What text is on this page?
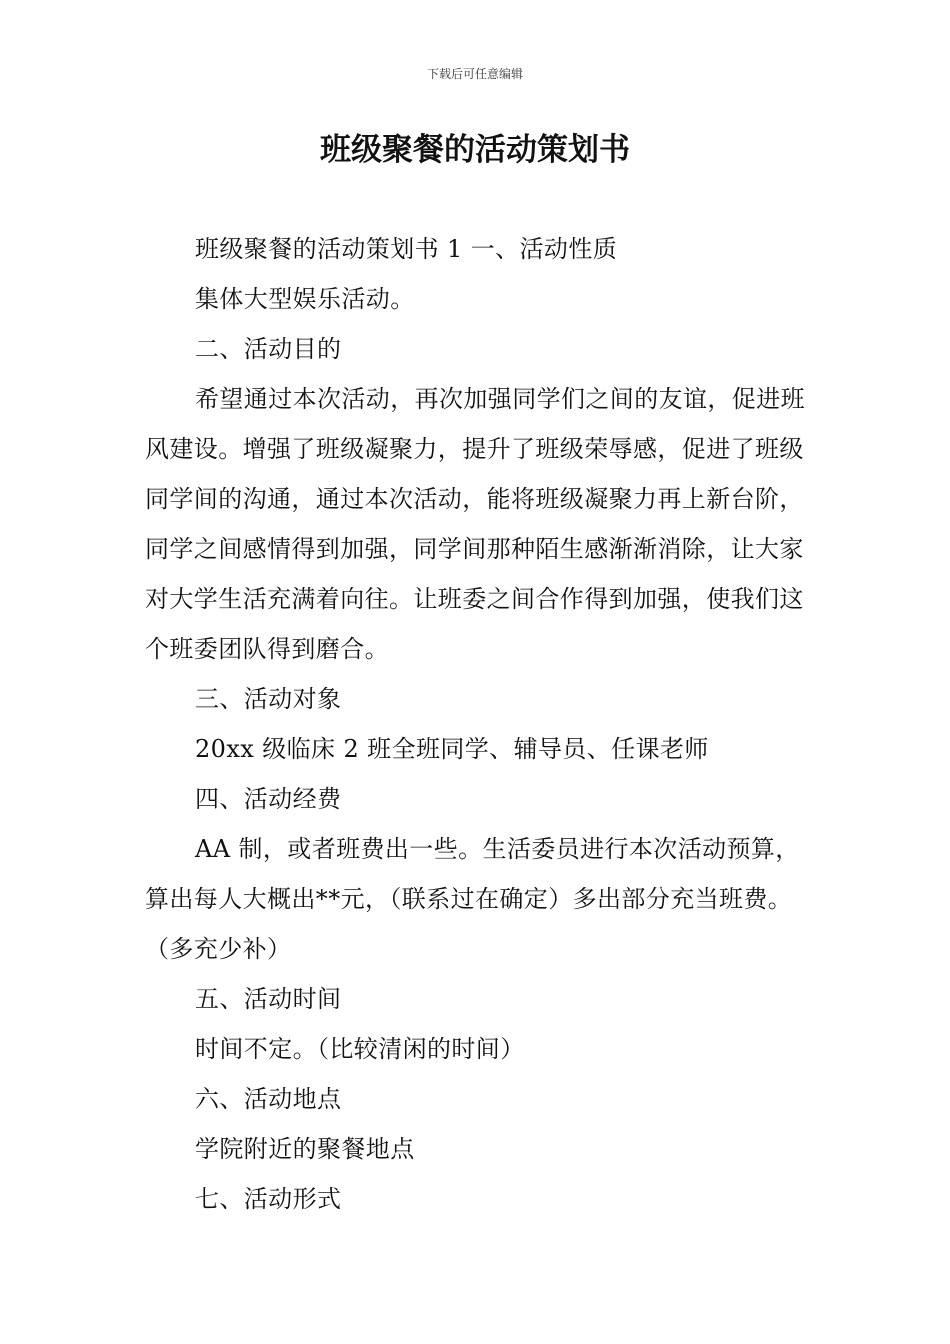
下载后可任意编辑
班级聚餐的活动策划书

班级聚餐的活动策划书 1 一、活动性质

集体大型娱乐活动。

二、活动目的

希望通过本次活动，再次加强同学们之间的友谊，促进班风建设。增强了班级凝聚力，提升了班级荣辱感，促进了班级同学间的沟通，通过本次活动，能将班级凝聚力再上新台阶，同学之间感情得到加强，同学间那种陌生感渐渐消除，让大家对大学生活充满着向往。让班委之间合作得到加强，使我们这个班委团队得到磨合。

三、活动对象

20xx 级临床 2 班全班同学、辅导员、任课老师

四、活动经费

AA 制，或者班费出一些。生活委员进行本次活动预算，算出每人大概出**元，（联系过在确定）多出部分充当班费。（多充少补）

五、活动时间

时间不定。（比较清闲的时间）

六、活动地点

学院附近的聚餐地点

七、活动形式
